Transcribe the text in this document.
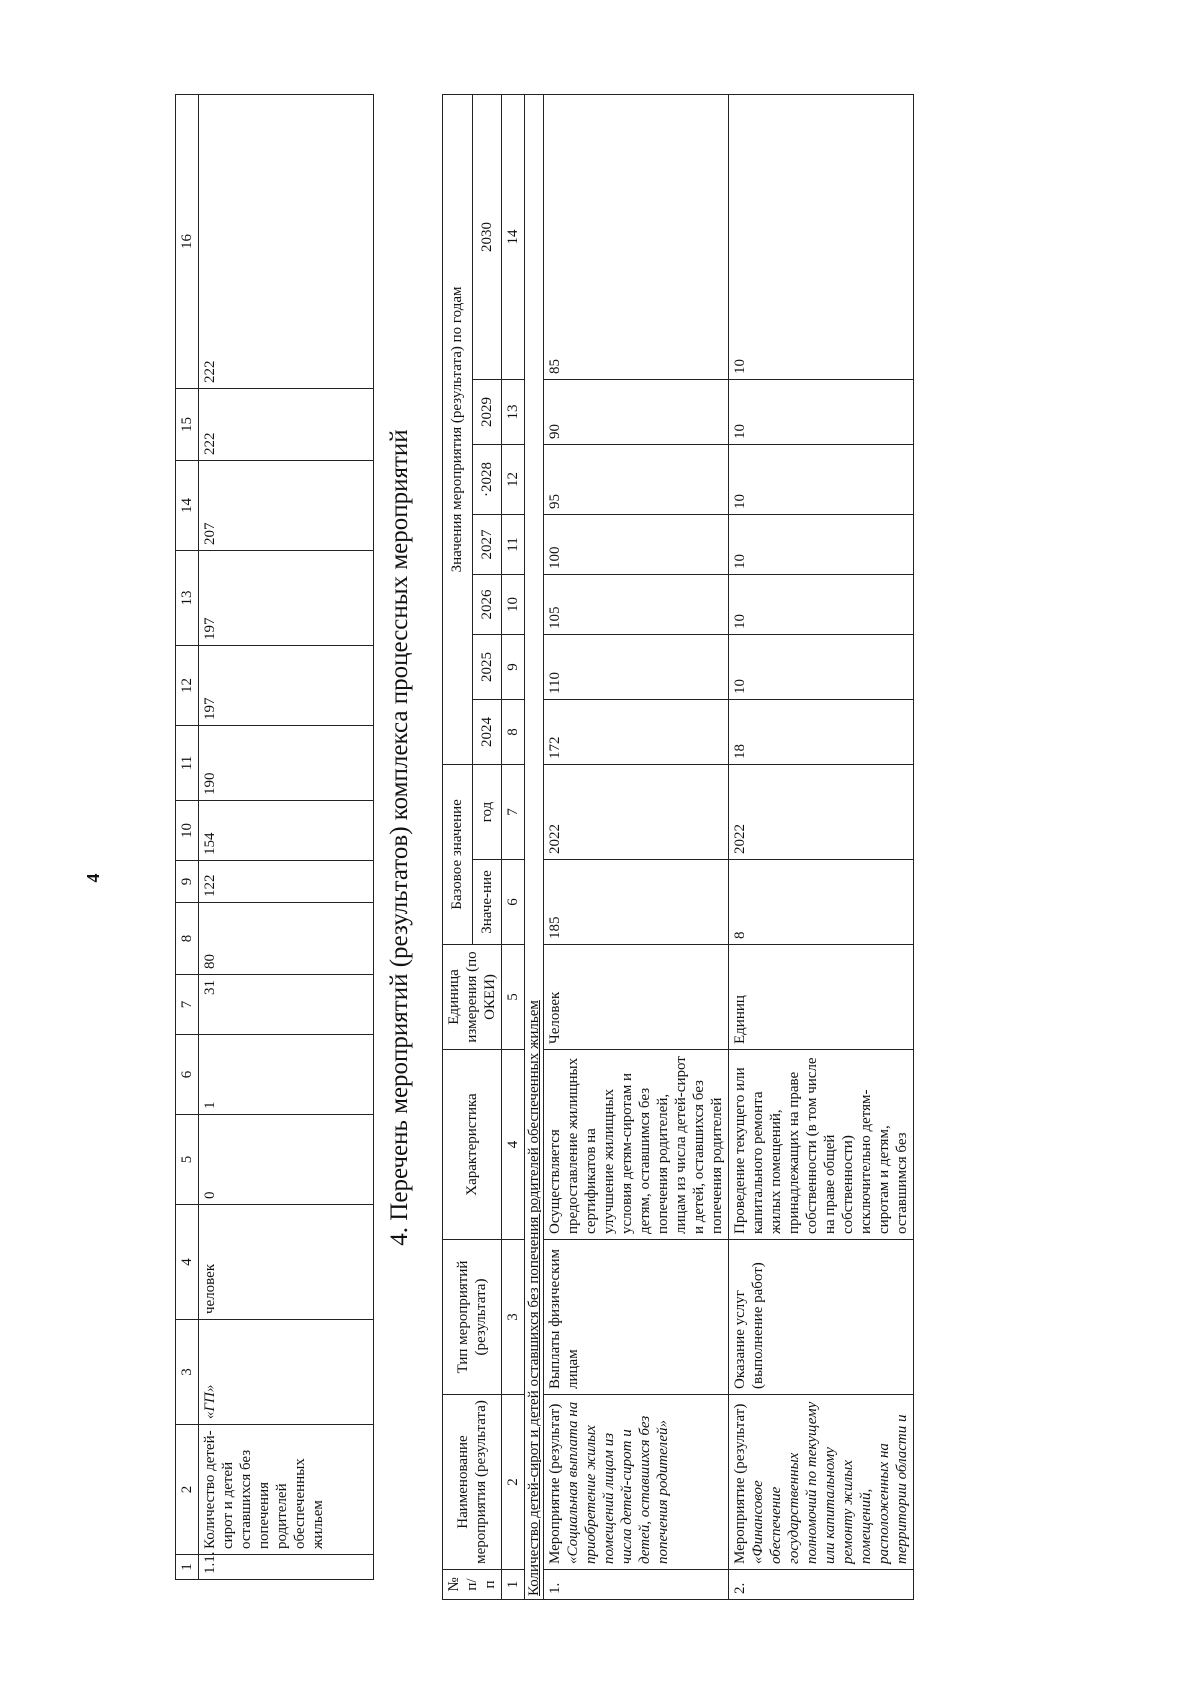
4
1	2	3	4	5	6	7	8	9	10	11	12	13	14	15	16
1.1.	Количество детей-сирот и детей оставшихся без попечения родителей обеспеченных жильем	«ГП»	человек	0	1	31	80	122	154	190	197	197	207	222	222
4. Перечень мероприятий (результатов) комплекса процессных мероприятий
№ п/п	Наименование мероприятия (результата)	Тип мероприятий (результата)	Характеристика	Единица измерения (по ОКЕИ)	Базовое значение		Значения мероприятия (результата) по годам						
					Значе-ние	год	2024	2025	2026	2027	·2028	2029	2030
1	2	3	4	5	6	7	8	9	10	11	12	13	14
Количество детей-сирот и детей оставшихся без попечения родителей обеспеченных жильем													
1.	Мероприятие (результат) «Социальная выплата на приобретение жилых помещений лицам из числа детей-сирот и детей, оставшихся без попечения родителей»	Выплаты физическим лицам	Осуществляется предоставление жилищных сертификатов на улучшение жилищных условия детям-сиротам и детям, оставшимся без попечения родителей, лицам из числа детей-сирот и детей, оставшихся без попечения родителей	Человек	185	2022	172	110	105	100	95	90	85
2.	Мероприятие (результат) «Финансовое обеспечение государственных полномочий по текущему или капитальному ремонту жилых помещений, расположенных на территории области и	Оказание услуг (выполнение работ)	Проведение текущего или капитального ремонта жилых помещений, принадлежащих на праве собственности (в том числе на праве общей собственности) исключительно детям-сиротам и детям, оставшимся без	Единиц	8	2022	18	10	10	10	10	10	10
